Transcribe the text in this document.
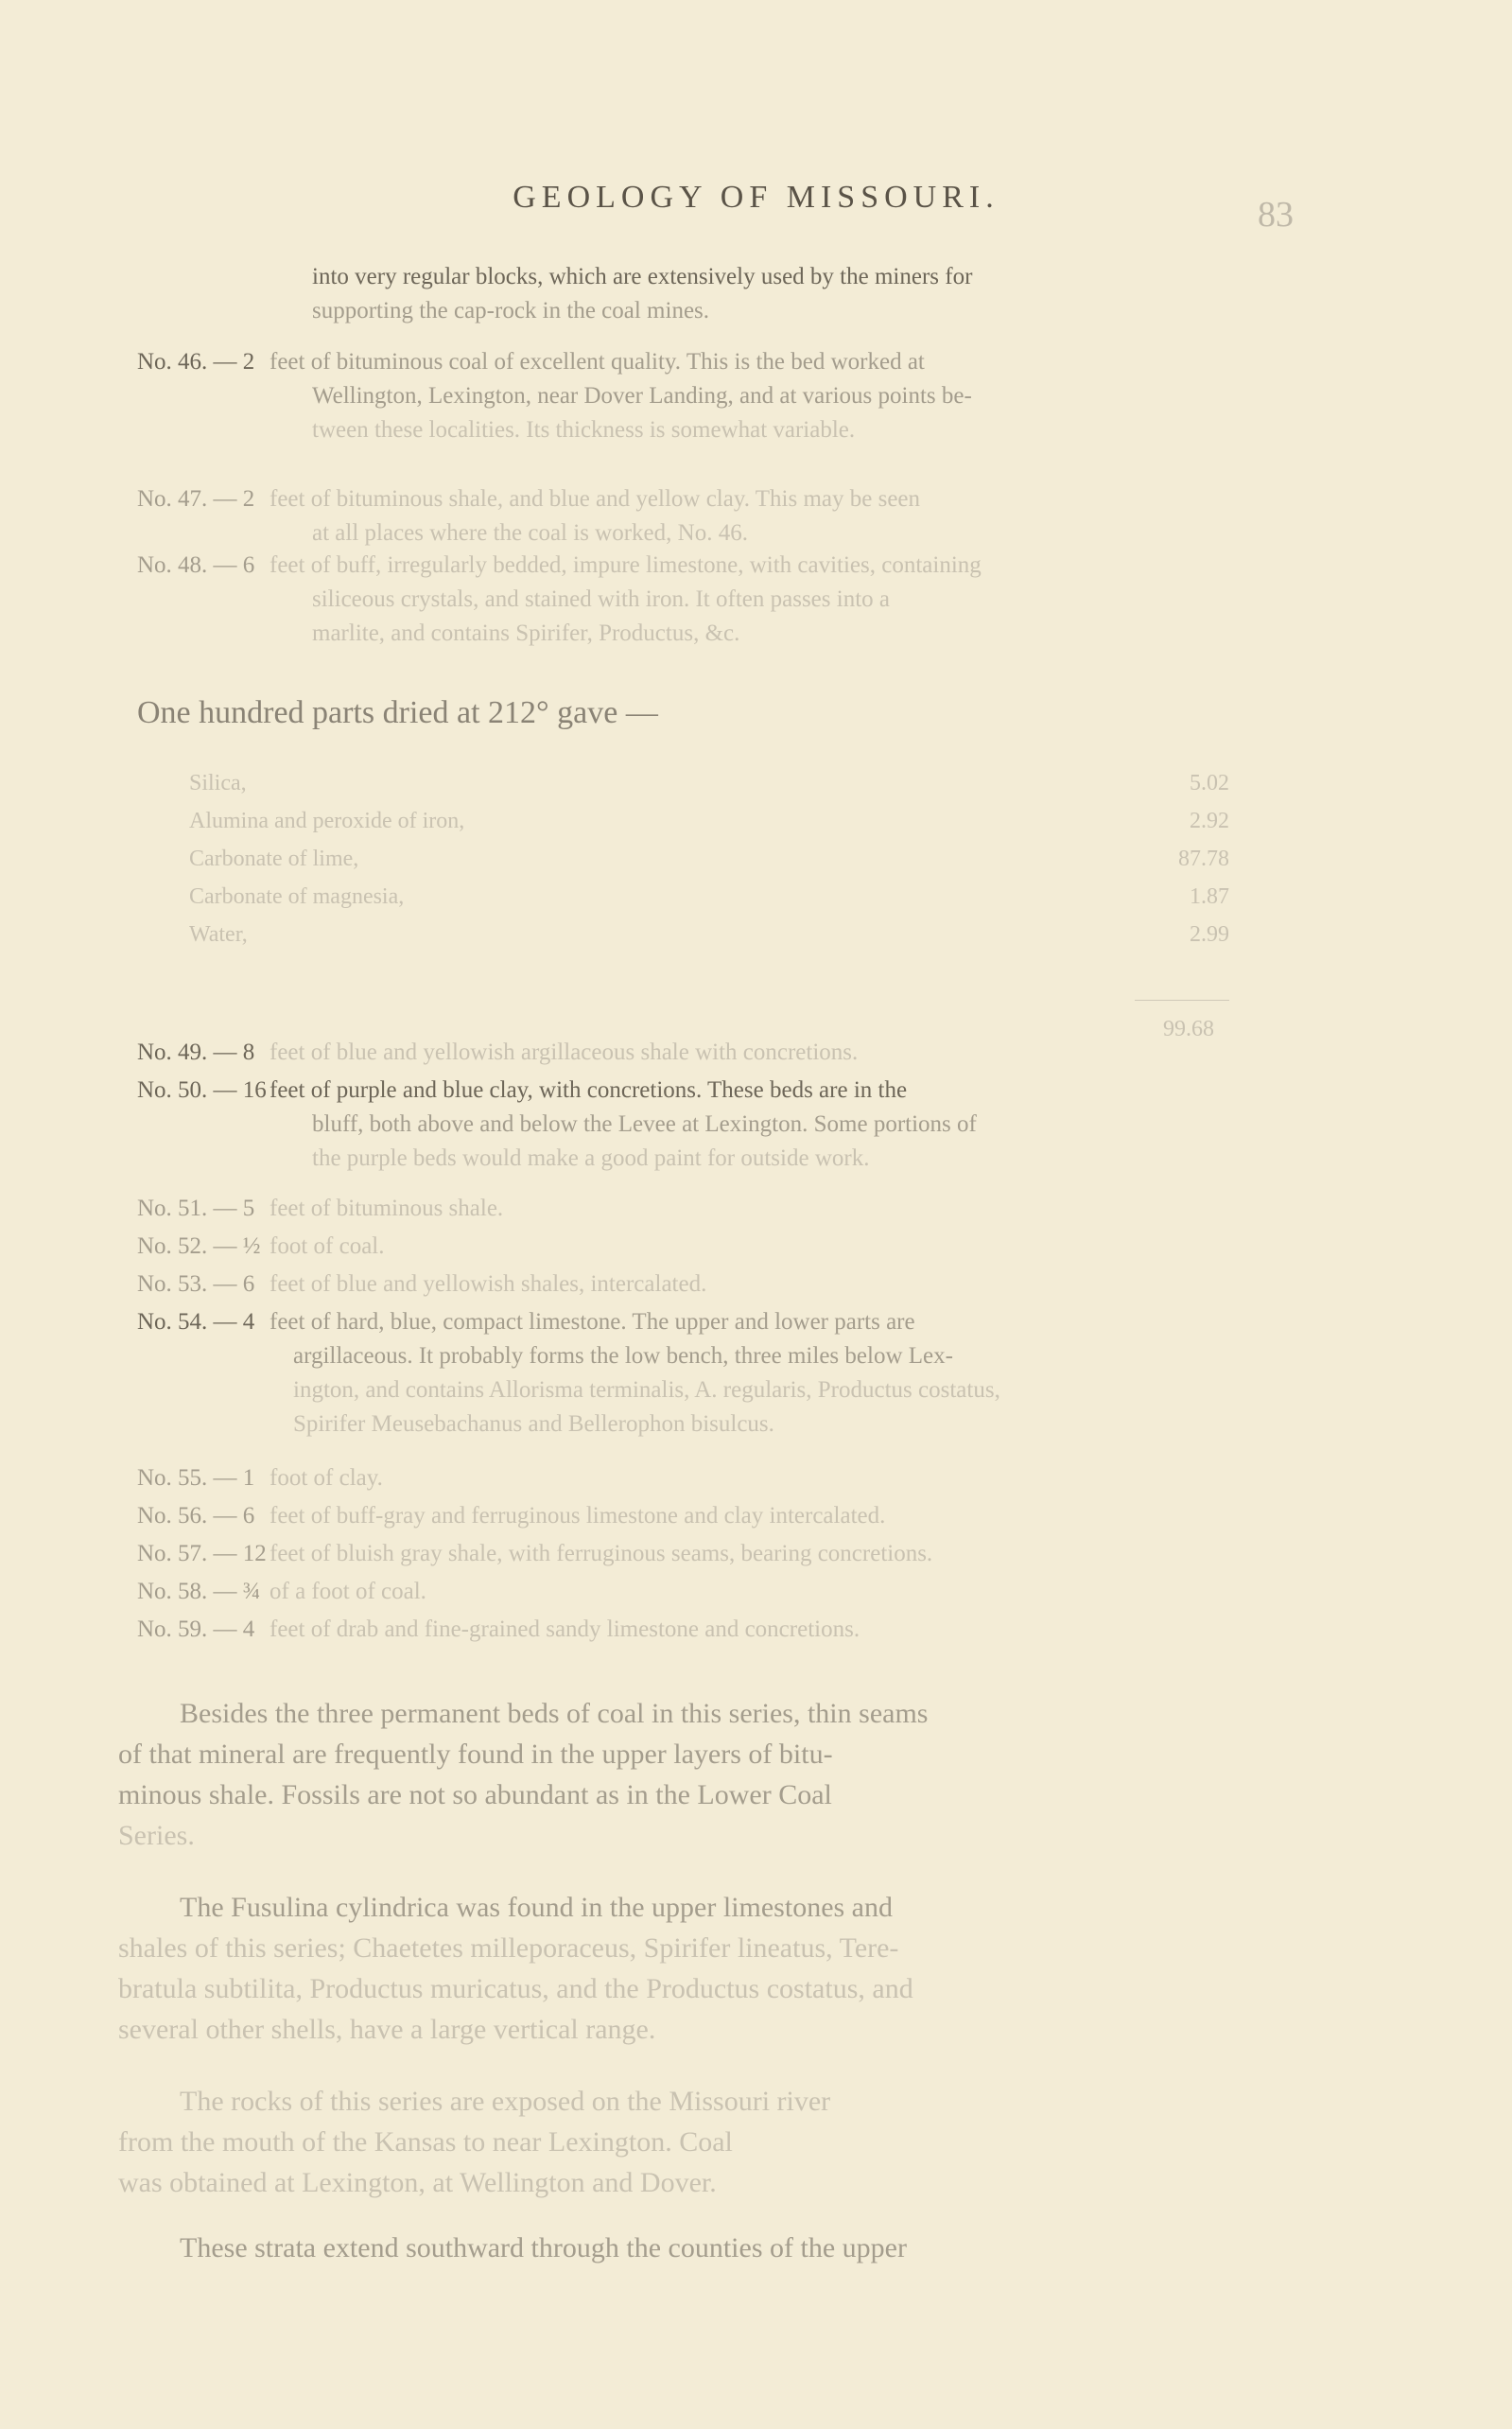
GEOLOGY OF MISSOURI.	83
into very regular blocks, which are extensively used by the miners for
supporting the cap-rock in the coal mines.
No. 46. — 2 feet of bituminous coal of excellent quality. This is the bed worked at
Wellington, Lexington, near Dover Landing, and at various points be-
tween these localities. Its thickness is somewhat variable.
No. 47. — 2 feet of bituminous shale, and blue and yellow clay. This may be seen
at all places where the coal is worked, No. 46.
No. 48. — 6 feet of buff, irregularly bedded, impure limestone, with cavities, containing
siliceous crystals, and stained with iron. It often passes into a
marlite, and contains Spirifer, Productus, &c.
One hundred parts dried at 212° gave —
Silica,	5.02
Alumina and peroxide of iron,	2.92
Carbonate of lime,	87.78
Carbonate of magnesia,	1.87
Water,	2.99
99.68
No. 49. — 8 feet of blue and yellowish argillaceous shale with concretions.
No. 50. — 16 feet of purple and blue clay, with concretions. These beds are in the
bluff, both above and below the Levee at Lexington. Some portions of
the purple beds would make a good paint for outside work.
No. 51. — 5 feet of bituminous shale.
No. 52. — ½ foot of coal.
No. 53. — 6 feet of blue and yellowish shales, intercalated.
No. 54. — 4 feet of hard, blue, compact limestone. The upper and lower parts are
argillaceous. It probably forms the low bench, three miles below Lex-
ington, and contains Allorisma terminalis, A. regularis, Productus costatus,
Spirifer Meusebachanus and Bellerophon bisulcus.
No. 55. — 1 foot of clay.
No. 56. — 6 feet of buff-gray and ferruginous limestone and clay intercalated.
No. 57. — 12 feet of bluish gray shale, with ferruginous seams, bearing concretions.
No. 58. — ¾ of a foot of coal.
No. 59. — 4 feet of drab and fine-grained sandy limestone and concretions.
Besides the three permanent beds of coal in this series, thin seams
of that mineral are frequently found in the upper layers of bitu-
minous shale. Fossils are not so abundant as in the Lower Coal
Series.
The Fusulina cylindrica was found in the upper limestones and
shales of this series; Chaetetes milleporaceus, Spirifer lineatus, Tere-
bratula subtilita, Productus muricatus, and the Productus costatus, and
several other shells, have a large vertical range.
The rocks of this series are exposed on the Missouri river
from the mouth of the Kansas to near Lexington. Coal
was obtained at Lexington, at Wellington and Dover.
These strata extend southward through the counties of the upper
